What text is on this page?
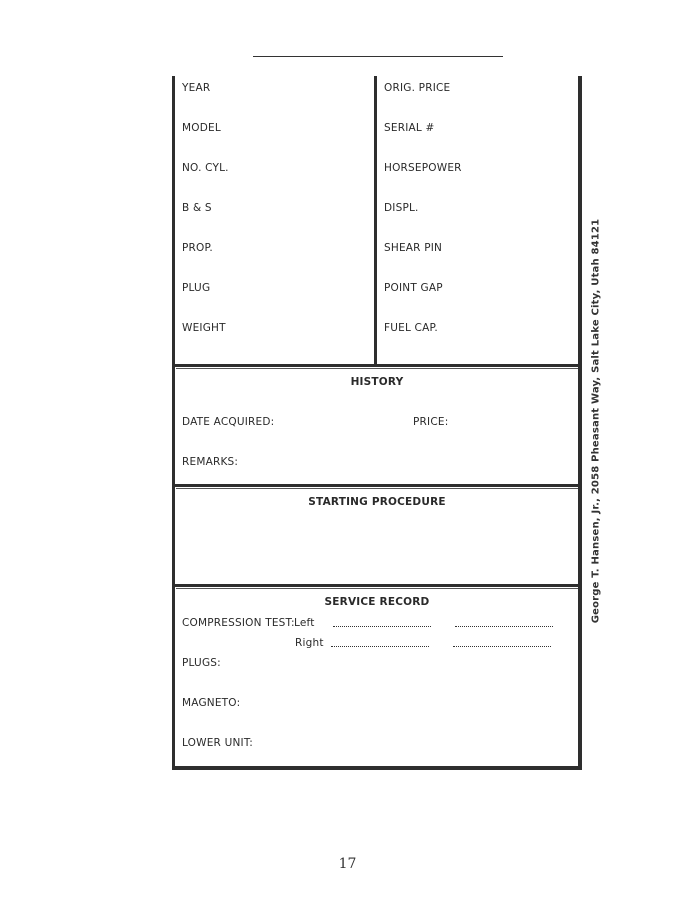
YEAR
MODEL
NO. CYL.
B & S
PROP.
PLUG
WEIGHT
ORIG. PRICE
SERIAL #
HORSEPOWER
DISPL.
SHEAR PIN
POINT GAP
FUEL CAP.
HISTORY
DATE ACQUIRED:	PRICE:
REMARKS:
STARTING PROCEDURE
SERVICE RECORD
COMPRESSION TEST: Left
Right
PLUGS:
MAGNETO:
LOWER UNIT:
George T. Hansen, Jr., 2058 Pheasant Way, Salt Lake City, Utah 84121
17
